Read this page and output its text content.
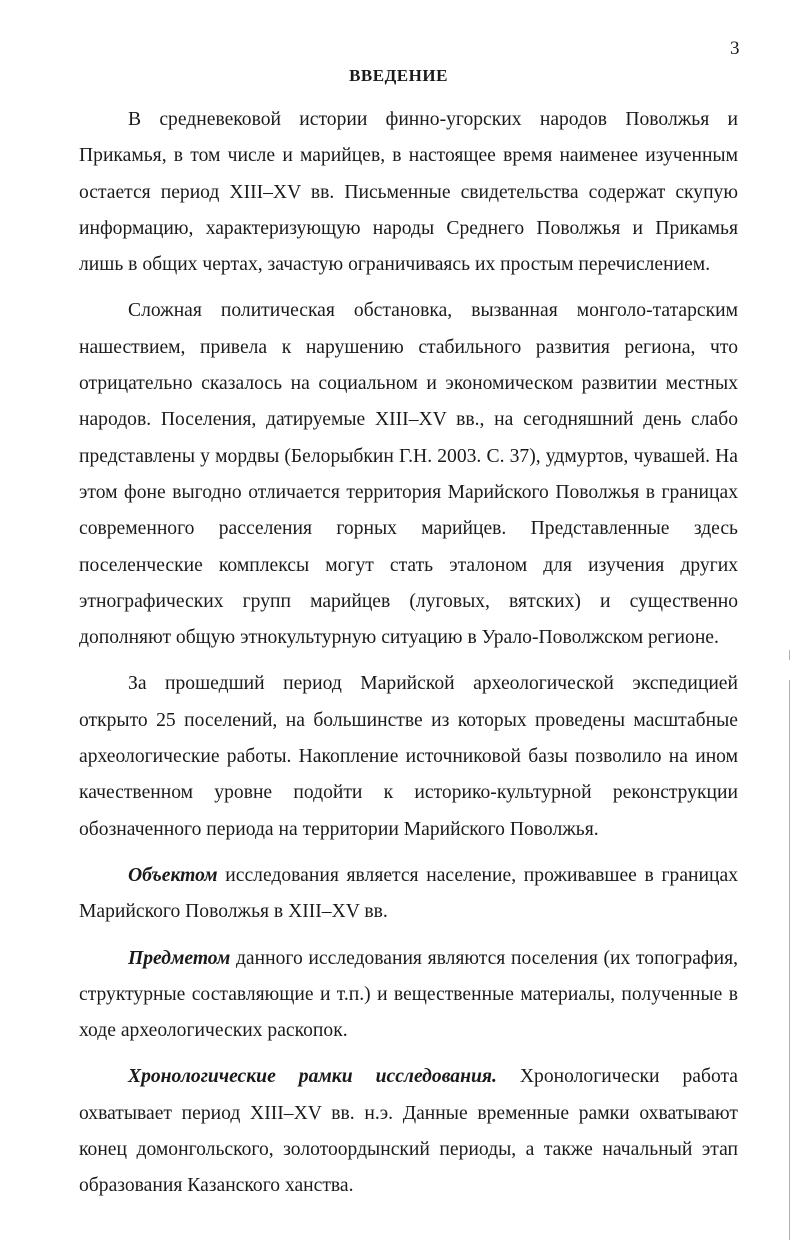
3
ВВЕДЕНИЕ

В средневековой истории финно-угорских народов Поволжья и Прикамья, в том числе и марийцев, в настоящее время наименее изученным остается период XIII–XV вв. Письменные свидетельства содержат скупую информацию, характеризующую народы Среднего Поволжья и Прикамья лишь в общих чертах, зачастую ограничиваясь их простым перечислением.

Сложная политическая обстановка, вызванная монголо-татарским нашествием, привела к нарушению стабильного развития региона, что отрицательно сказалось на социальном и экономическом развитии местных народов. Поселения, датируемые XIII–XV вв., на сегодняшний день слабо представлены у мордвы (Белорыбкин Г.Н. 2003. С. 37), удмуртов, чувашей. На этом фоне выгодно отличается территория Марийского Поволжья в границах современного расселения горных марийцев. Представленные здесь поселенческие комплексы могут стать эталоном для изучения других этнографических групп марийцев (луговых, вятских) и существенно дополняют общую этнокультурную ситуацию в Урало-Поволжском регионе.

За прошедший период Марийской археологической экспедицией открыто 25 поселений, на большинстве из которых проведены масштабные археологические работы. Накопление источниковой базы позволило на ином качественном уровне подойти к историко-культурной реконструкции обозначенного периода на территории Марийского Поволжья.

Объектом исследования является население, проживавшее в границах Марийского Поволжья в XIII–XV вв.

Предметом данного исследования являются поселения (их топография, структурные составляющие и т.п.) и вещественные материалы, полученные в ходе археологических раскопок.

Хронологические рамки исследования. Хронологически работа охватывает период XIII–XV вв. н.э. Данные временные рамки охватывают конец домонгольского, золотоордынский периоды, а также начальный этап образования Казанского ханства.
